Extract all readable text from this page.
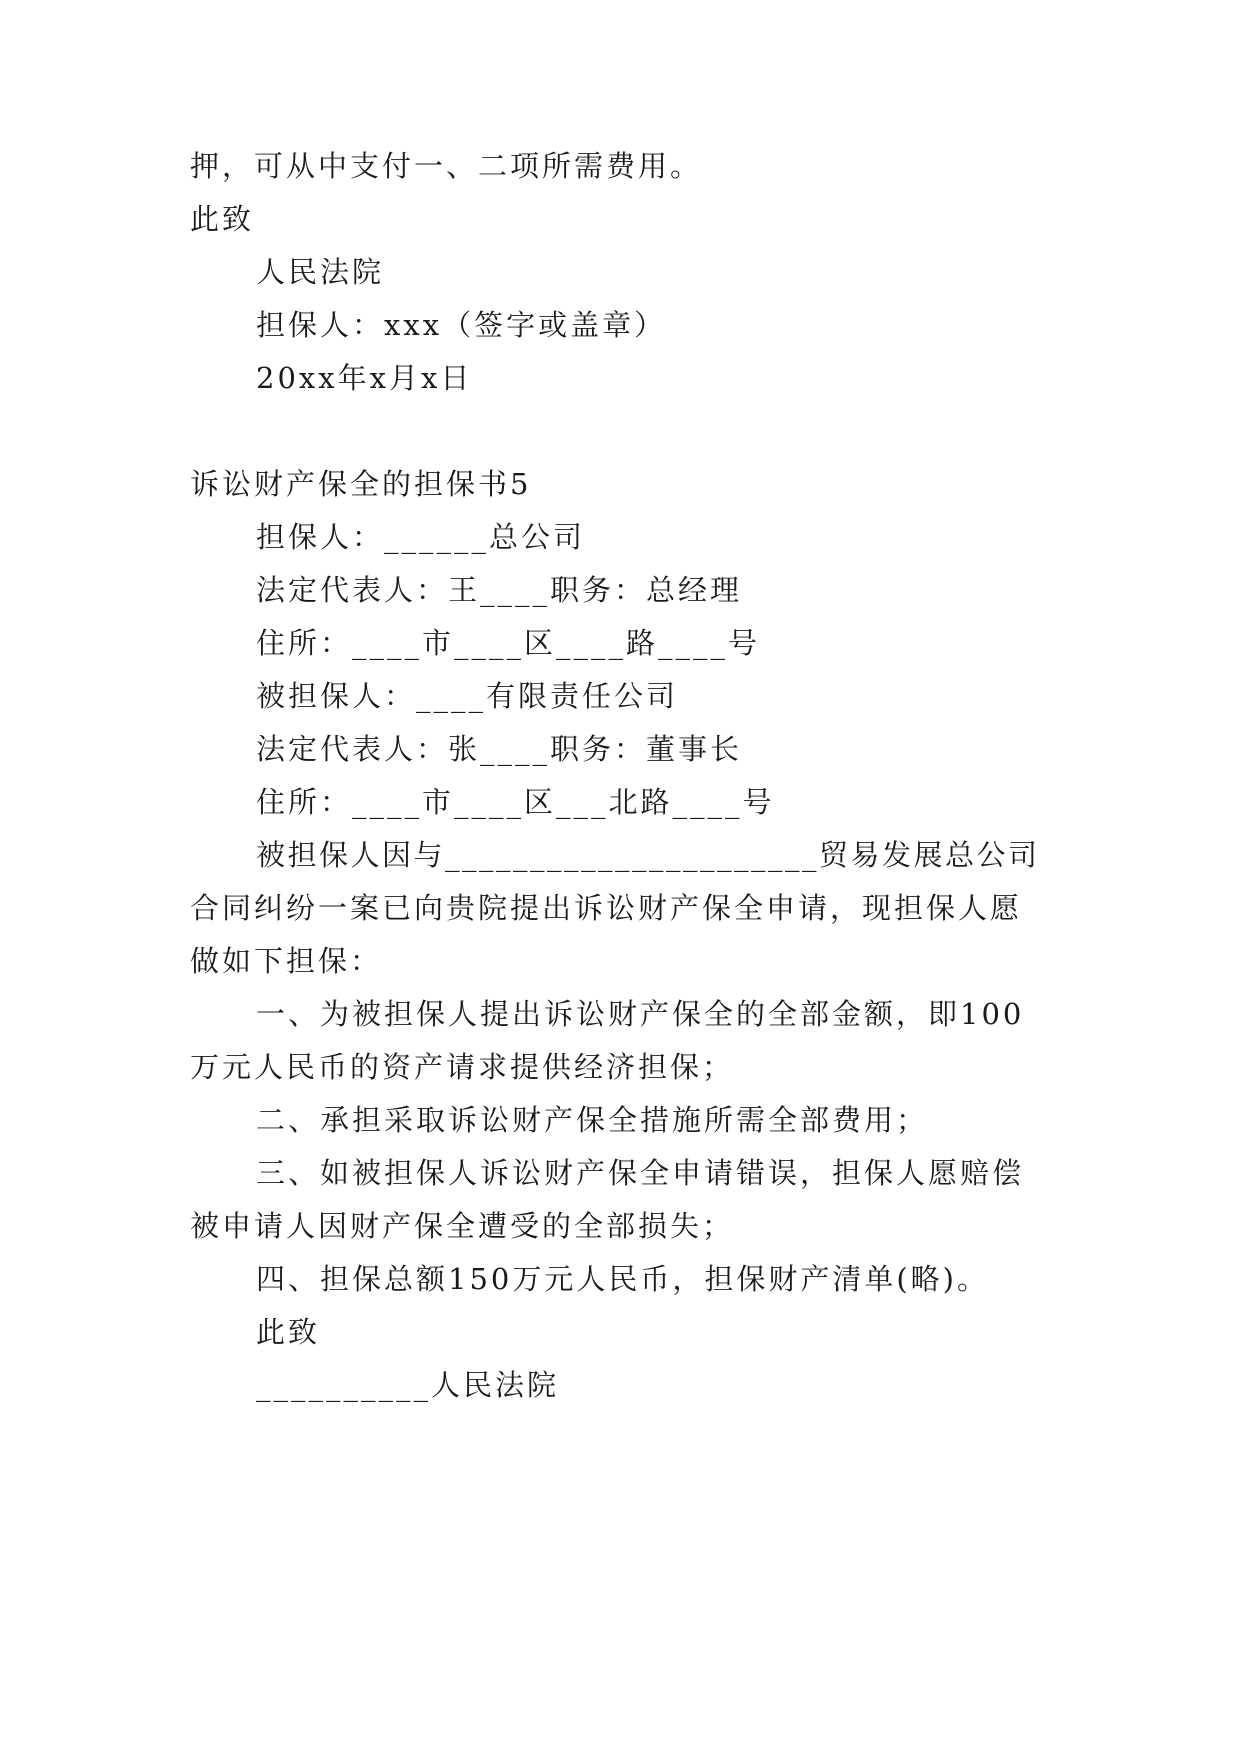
押，可从中支付一、二项所需费用。
此致
人民法院
担保人：xxx（签字或盖章）
20xx年x月x日
诉讼财产保全的担保书5
担保人：______总公司
法定代表人：王____职务：总经理
住所：____市____区____路____号
被担保人：____有限责任公司
法定代表人：张____职务：董事长
住所：____市____区___北路____号
被担保人因与______________________贸易发展总公司
合同纠纷一案已向贵院提出诉讼财产保全申请，现担保人愿
做如下担保：
一、为被担保人提出诉讼财产保全的全部金额，即100
万元人民币的资产请求提供经济担保；
二、承担采取诉讼财产保全措施所需全部费用；
三、如被担保人诉讼财产保全申请错误，担保人愿赔偿
被申请人因财产保全遭受的全部损失；
四、担保总额150万元人民币，担保财产清单(略)。
此致
__________人民法院
